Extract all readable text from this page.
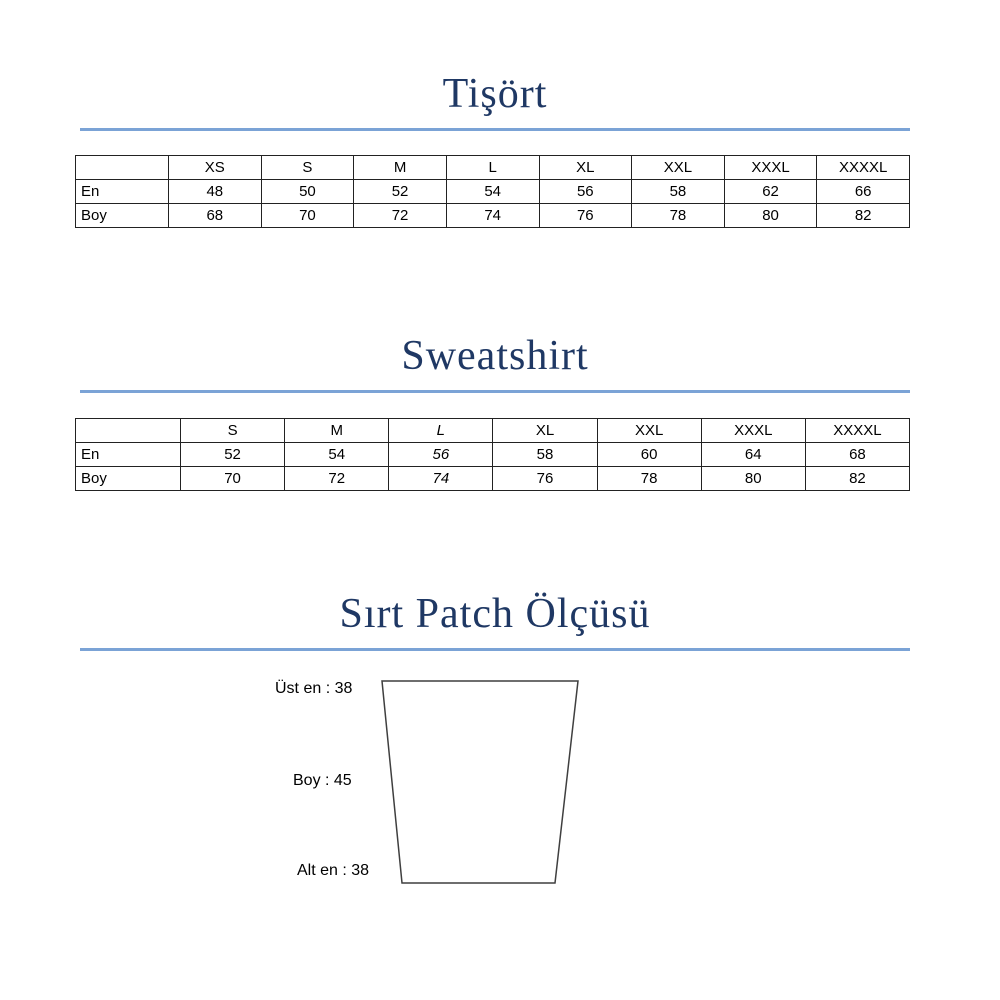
Tişört
	XS	S	M	L	XL	XXL	XXXL	XXXXL
En	48	50	52	54	56	58	62	66
Boy	68	70	72	74	76	78	80	82
Sweatshirt
	S	M	L	XL	XXL	XXXL	XXXXL
En	52	54	56	58	60	64	68
Boy	70	72	74	76	78	80	82
Sırt Patch Ölçüsü
Üst en : 38
Boy : 45
Alt en : 38
